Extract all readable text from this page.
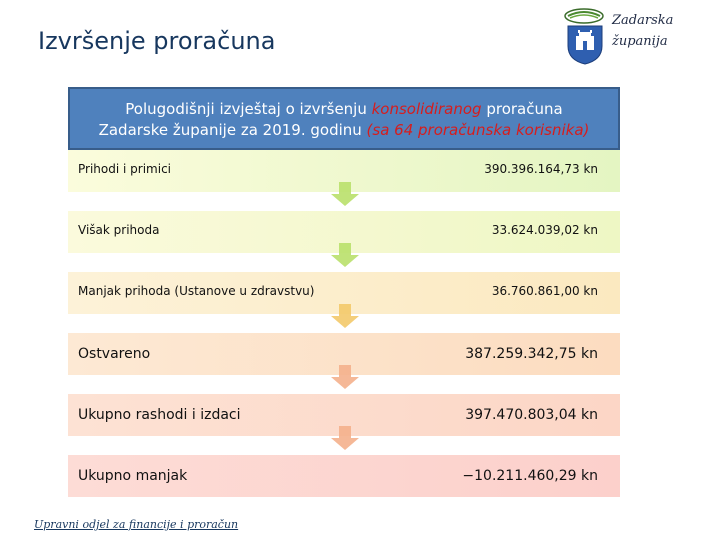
Izvršenje proračuna
Zadarska
županija
Polugodišnji izvještaj o izvršenju konsolidiranog proračuna
Zadarske županije za 2019. godinu (sa 64 proračunska korisnika)
Prihodi i primici	390.396.164,73 kn
Višak prihoda	33.624.039,02 kn
Manjak prihoda (Ustanove u zdravstvu)	36.760.861,00 kn
Ostvareno	387.259.342,75 kn
Ukupno rashodi i izdaci	397.470.803,04 kn
Ukupno manjak	−10.211.460,29 kn
Upravni odjel za financije i proračun
